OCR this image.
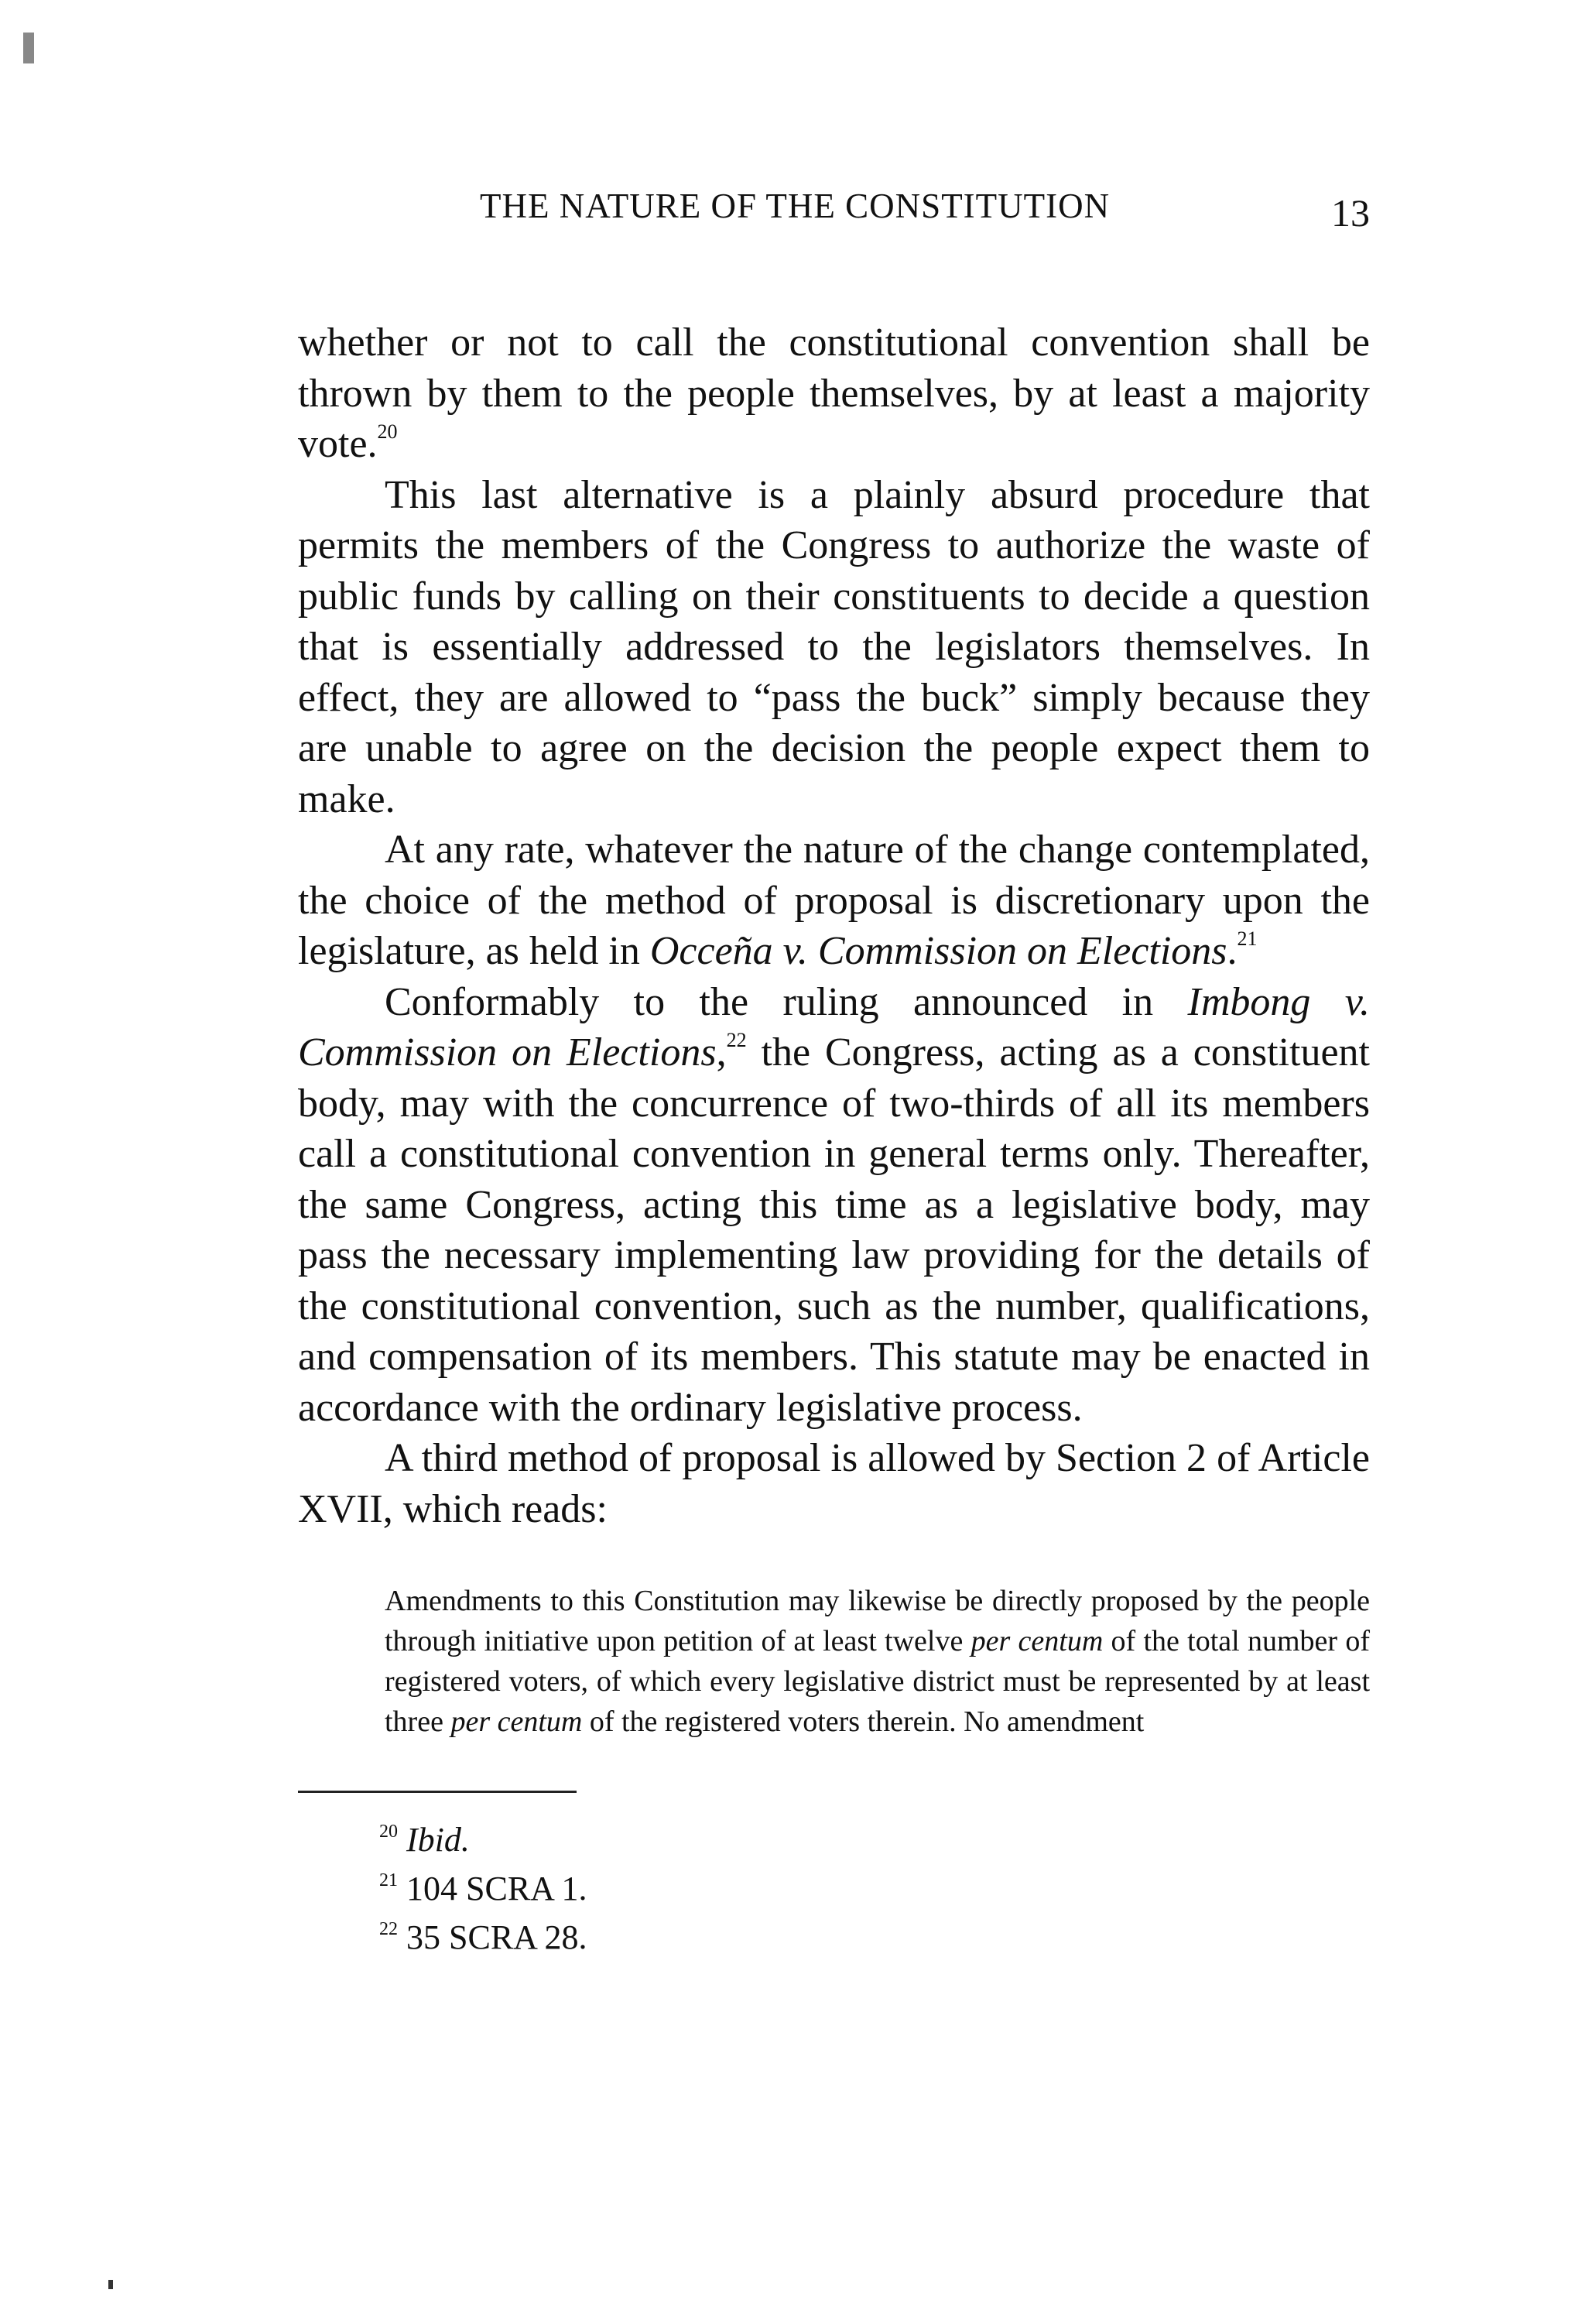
THE NATURE OF THE CONSTITUTION	13

whether or not to call the constitutional convention shall be thrown by them to the people themselves, by at least a majority vote.$^{20}$

This last alternative is a plainly absurd procedure that permits the members of the Congress to authorize the waste of public funds by calling on their constituents to decide a question that is essentially addressed to the legislators themselves. In effect, they are allowed to “pass the buck” simply because they are unable to agree on the decision the people expect them to make.

At any rate, whatever the nature of the change contemplated, the choice of the method of proposal is discretionary upon the legislature, as held in Occeña v. Commission on Elections.$^{21}$

Conformably to the ruling announced in Imbong v. Commission on Elections,$^{22}$ the Congress, acting as a constituent body, may with the concurrence of two-thirds of all its members call a constitutional convention in general terms only. Thereafter, the same Congress, acting this time as a legislative body, may pass the necessary implementing law providing for the details of the constitutional convention, such as the number, qualifications, and compensation of its members. This statute may be enacted in accordance with the ordinary legislative process.

A third method of proposal is allowed by Section 2 of Article XVII, which reads:

Amendments to this Constitution may likewise be directly proposed by the people through initiative upon petition of at least twelve per centum of the total number of registered voters, of which every legislative district must be represented by at least three per centum of the registered voters therein. No amendment

$^{20}$ Ibid.
$^{21}$ 104 SCRA 1.
$^{22}$ 35 SCRA 28.
